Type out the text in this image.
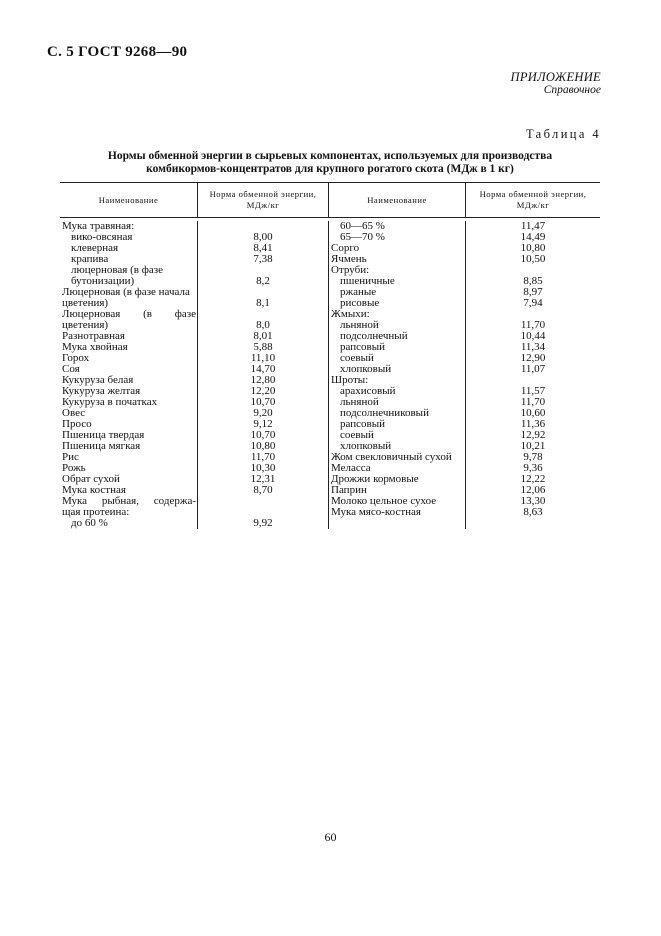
С. 5 ГОСТ 9268—90
ПРИЛОЖЕНИЕ
Справочное
Таблица 4
Нормы обменной энергии в сырьевых компонентах, используемых для производства
комбикормов-концентратов для крупного рогатого скота (МДж в 1 кг)
Наименование
Норма обменной энергии,
МДж/кг
Наименование
Норма обменной энергии,
МДж/кг
Мука травяная:
вико-овсяная
клеверная
крапива
люцерновая (в фазе
бутонизации)
Люцерновая (в фазе начала
цветения)
Люцерновая (в фазе
цветения)
Разнотравная
Мука хвойная
Горох
Соя
Кукуруза белая
Кукуруза желтая
Кукуруза в початках
Овес
Просо
Пшеница твердая
Пшеница мягкая
Рис
Рожь
Обрат сухой
Мука костная
Мука рыбная, содержа-
щая протеина:
до 60 %
8,00
8,41
7,38
8,2
8,1
8,0
8,01
5,88
11,10
14,70
12,80
12,20
10,70
9,20
9,12
10,70
10,80
11,70
10,30
12,31
8,70
9,92
60—65 %
65—70 %
Сорго
Ячмень
Отруби:
пшеничные
ржаные
рисовые
Жмыхи:
льняной
подсолнечный
рапсовый
соевый
хлопковый
Шроты:
арахисовый
льняной
подсолнечниковый
рапсовый
соевый
хлопковый
Жом свекловичный сухой
Меласса
Дрожжи кормовые
Паприн
Молоко цельное сухое
Мука мясо-костная
11,47
14,49
10,80
10,50
8,85
8,97
7,94
11,70
10,44
11,34
12,90
11,07
11,57
11,70
10,60
11,36
12,92
10,21
9,78
9,36
12,22
12,06
13,30
8,63
60
